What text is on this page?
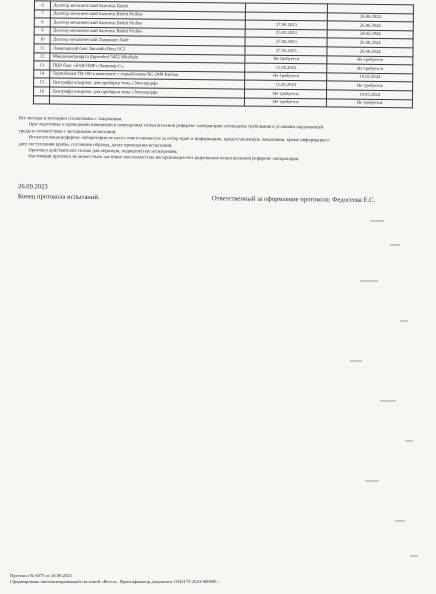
6	Дозатор механический Sartorius Biohit		
7	Дозатор механический Sartorius Biohit Proline		26.06.2024
8	Дозатор механический Sartorius Biohit Proline	27.06.2023	26.06.2024
9	Дозатор механический Sartorius Biohit Proline	25.05.2023	24.05.2024
10	Дозатор механический Ламинант Лайт	27.06.2023	26.06.2024
11	Ламинарный бокс Биолайн Bosa SC2	27.05.2023	26.06.2024
12	Микроцентрифуга Eppendorf 5452 MiniSpin	Не требуется	Не требуется
13	ПЦР-бокс «БАВ-ПЦР»/Ламинар-С»,	11.05.2023	Не требуется
14	Термоблоки ТВ-100 в комплекте с термоблоком ВС-24М BioSan	Не требуется	10.05.2024
15	Центрифуга/вортекс для пробирок типа «Эппендорф»	11.05.2023	Не требуется
16	Центрифуга/вортекс для пробирок типа «Эппендорф»	Не требуется	10.05.2024
		Не требуется	Не требуется
Все методы и методики согласованы с Заказчиком.
При подготовке и проведении измерений в помещениях испытательной референс-лаборатории соблюдены требования к условиям окружающей
среды в соответствии с методиками испытаний.
Испытательная референс-лаборатория не несет ответственности за отбор проб и информацию, предоставленную Заказчиком, кроме информации о
дате поступления пробы, состоянии образца, датах проведения испытаний.
Протокол действителен только для образцов, подвергнутых испытаниям.
Настоящий протокол не может быть частично или полностью воспроизведен без разрешения испытательной референс-лаборатории.
26.09.2023
Конец протокола испытаний.	Ответственный за оформление протокола: Федосеева Е.С.
Протокол № 6075 от 26.09.2023
Сформировано автоматизированной системой «Веста». Идентификатор документа: 0345175-2023-000000...
